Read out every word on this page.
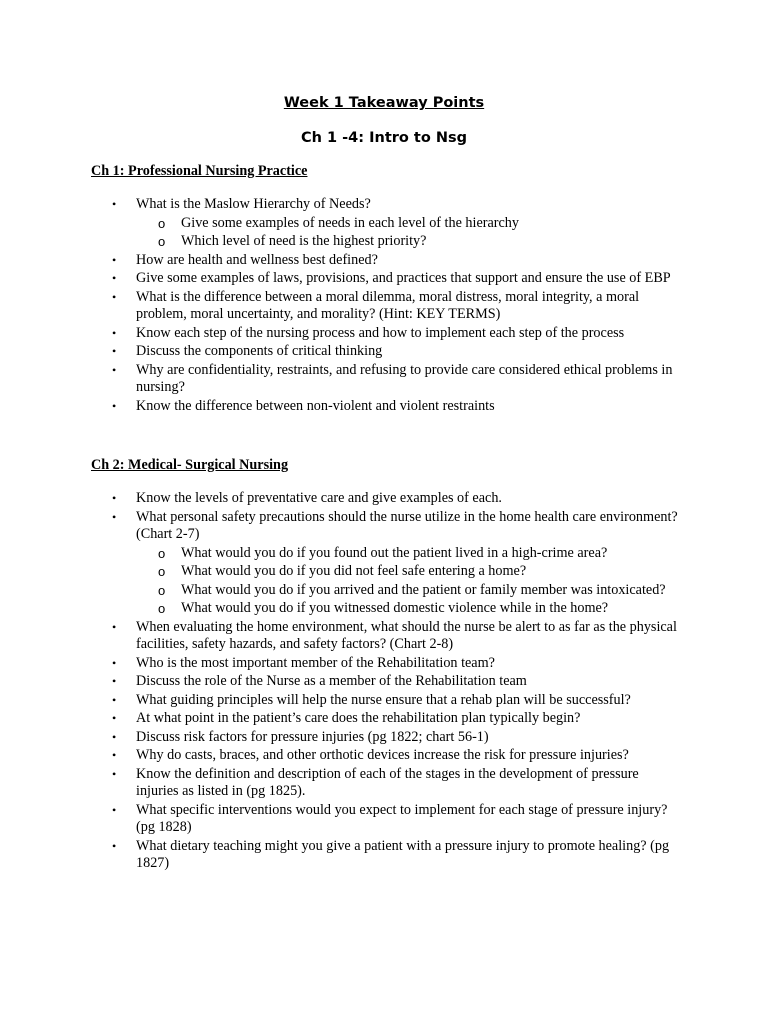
Week 1 Takeaway Points
Ch 1 -4: Intro to Nsg
Ch 1: Professional Nursing Practice
• What is the Maslow Hierarchy of Needs?
o Give some examples of needs in each level of the hierarchy
o Which level of need is the highest priority?
• How are health and wellness best defined?
• Give some examples of laws, provisions, and practices that support and ensure the use of EBP
• What is the difference between a moral dilemma, moral distress, moral integrity, a moral problem, moral uncertainty, and morality? (Hint: KEY TERMS)
• Know each step of the nursing process and how to implement each step of the process
• Discuss the components of critical thinking
• Why are confidentiality, restraints, and refusing to provide care considered ethical problems in nursing?
• Know the difference between non-violent and violent restraints
Ch 2: Medical- Surgical Nursing
• Know the levels of preventative care and give examples of each.
• What personal safety precautions should the nurse utilize in the home health care environment? (Chart 2-7)
o What would you do if you found out the patient lived in a high-crime area?
o What would you do if you did not feel safe entering a home?
o What would you do if you arrived and the patient or family member was intoxicated?
o What would you do if you witnessed domestic violence while in the home?
• When evaluating the home environment, what should the nurse be alert to as far as the physical facilities, safety hazards, and safety factors? (Chart 2-8)
• Who is the most important member of the Rehabilitation team?
• Discuss the role of the Nurse as a member of the Rehabilitation team
• What guiding principles will help the nurse ensure that a rehab plan will be successful?
• At what point in the patient’s care does the rehabilitation plan typically begin?
• Discuss risk factors for pressure injuries (pg 1822; chart 56-1)
• Why do casts, braces, and other orthotic devices increase the risk for pressure injuries?
• Know the definition and description of each of the stages in the development of pressure injuries as listed in (pg 1825).
• What specific interventions would you expect to implement for each stage of pressure injury? (pg 1828)
• What dietary teaching might you give a patient with a pressure injury to promote healing? (pg 1827)
